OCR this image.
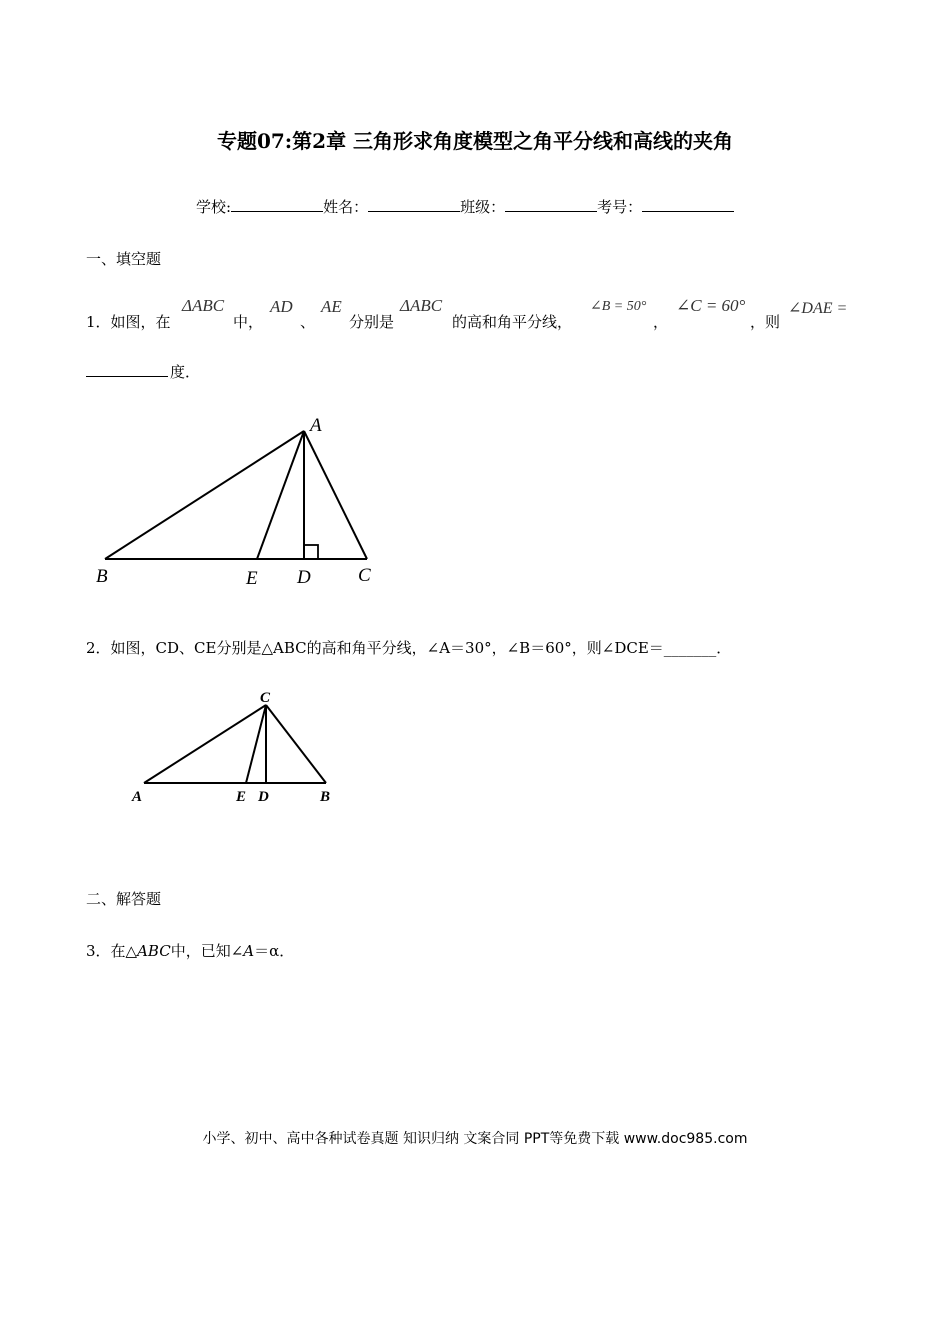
专题07:第2章 三角形求角度模型之角平分线和高线的夹角
学校:	姓名：	班级：	考号：
一、填空题
1．如图，在
ΔABC
中，
AD
、
AE
分别是
ΔABC
的高和角平分线，
∠B = 50°
，
∠C = 60°
，则
∠DAE =
度．
A
B	E D C
2．如图，CD、CE分别是△ABC的高和角平分线，∠A＝30°，∠B＝60°，则∠DCE＝_______．
C
A	E D	B
二、解答题
3．在△ABC中，已知∠A＝α．
小学、初中、高中各种试卷真题 知识归纳 文案合同 PPT等免费下载 www.doc985.com
